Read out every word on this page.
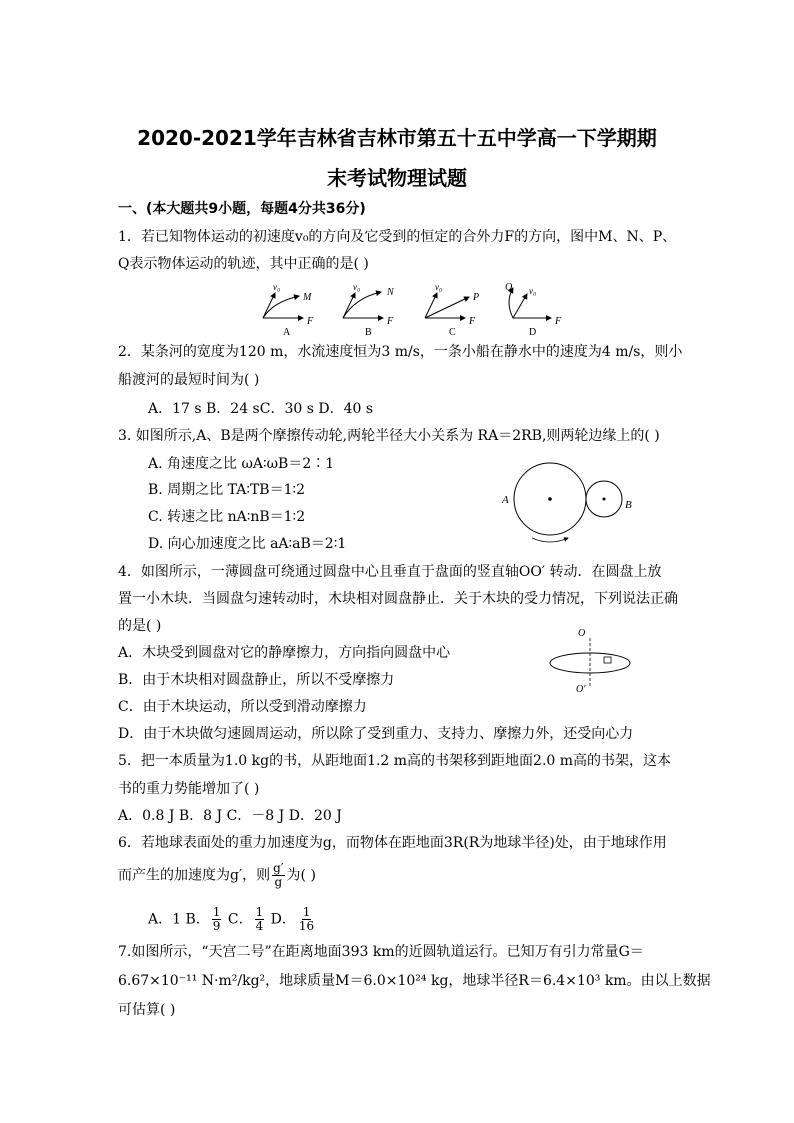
2020-2021学年吉林省吉林市第五十五中学高一下学期期
末考试物理试题
一、(本大题共9小题，每题4分共36分)
1．若已知物体运动的初速度v₀的方向及它受到的恒定的合外力F的方向，图中M、N、P、
Q表示物体运动的轨迹，其中正确的是( )
v₀
M
F
A
v₀	N
F
B
v₀
P
F
C
Q v₀
F
D
2．某条河的宽度为120 m，水流速度恒为3 m/s，一条小船在静水中的速度为4 m/s，则小
船渡河的最短时间为( )
A．17 s B．24 sC．30 s D．40 s
3. 如图所示,A、B是两个摩擦传动轮,两轮半径大小关系为 RA＝2RB,则两轮边缘上的( )
A. 角速度之比 ωA∶ωB＝2∶1
B. 周期之比 TA∶TB＝1∶2
C. 转速之比 nA∶nB＝1∶2
D. 向心加速度之比 aA∶aB＝2∶1
A	B
4．如图所示，一薄圆盘可绕通过圆盘中心且垂直于盘面的竖直轴OO′ 转动．在圆盘上放
置一小木块．当圆盘匀速转动时，木块相对圆盘静止．关于木块的受力情况，下列说法正确
的是( )
A．木块受到圆盘对它的静摩擦力，方向指向圆盘中心
B．由于木块相对圆盘静止，所以不受摩擦力
C．由于木块运动，所以受到滑动摩擦力
D．由于木块做匀速圆周运动，所以除了受到重力、支持力、摩擦力外，还受向心力
O
O′
5．把一本质量为1.0 kg的书，从距地面1.2 m高的书架移到距地面2.0 m高的书架，这本
书的重力势能增加了( )
A．0.8 J B．8 J C．－8 J D．20 J
6．若地球表面处的重力加速度为g，而物体在距地面3R(R为地球半径)处，由于地球作用
而产生的加速度为g′，则 $\frac{g'}{g}$ 为( )
A．1 B． $\frac{1}{9}$ C． $\frac{1}{4}$ D． $\frac{1}{16}$
7.如图所示，“天宫二号”在距离地面393 km的近圆轨道运行。已知万有引力常量G＝
6.67×10⁻¹¹ N·m²/kg²，地球质量M＝6.0×10²⁴ kg，地球半径R＝6.4×10³ km。由以上数据
可估算( )
